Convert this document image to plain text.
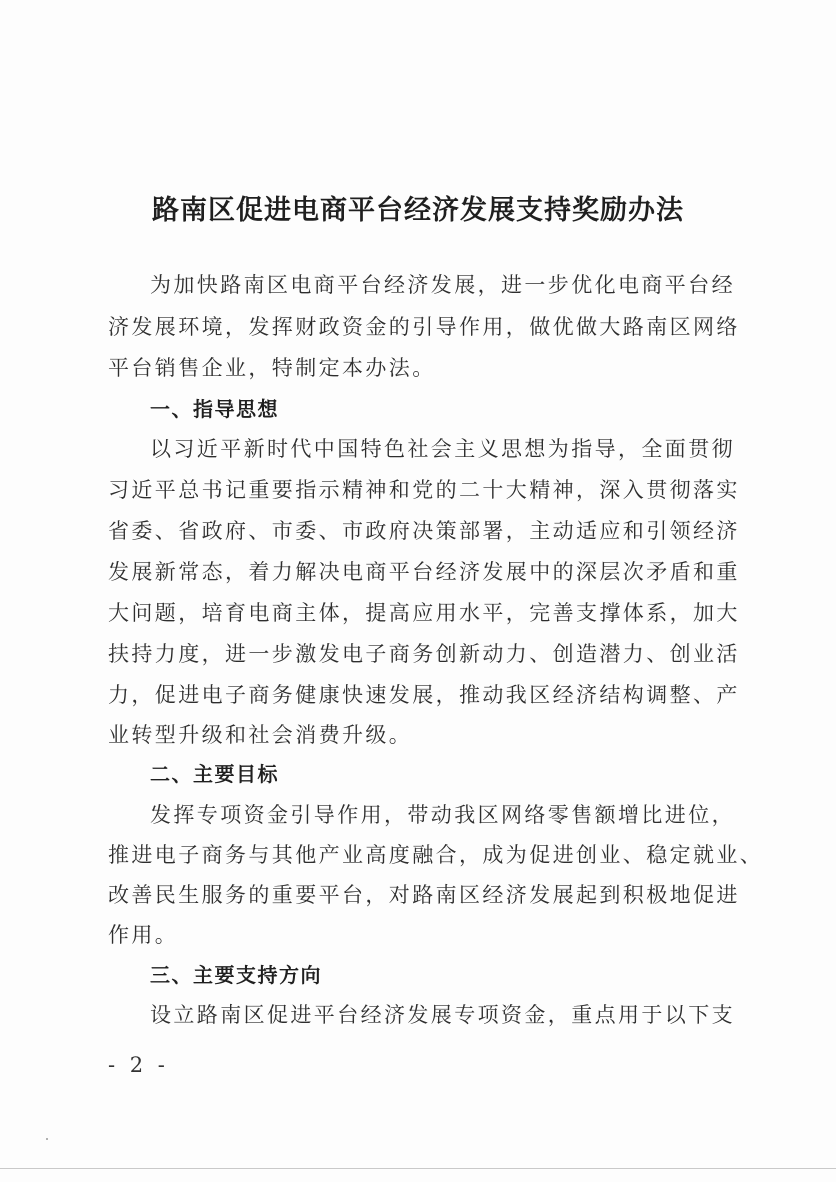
路南区促进电商平台经济发展支持奖励办法
为加快路南区电商平台经济发展，进一步优化电商平台经
济发展环境，发挥财政资金的引导作用，做优做大路南区网络
平台销售企业，特制定本办法。
一、指导思想
以习近平新时代中国特色社会主义思想为指导，全面贯彻
习近平总书记重要指示精神和党的二十大精神，深入贯彻落实
省委、省政府、市委、市政府决策部署，主动适应和引领经济
发展新常态，着力解决电商平台经济发展中的深层次矛盾和重
大问题，培育电商主体，提高应用水平，完善支撑体系，加大
扶持力度，进一步激发电子商务创新动力、创造潜力、创业活
力，促进电子商务健康快速发展，推动我区经济结构调整、产
业转型升级和社会消费升级。
二、主要目标
发挥专项资金引导作用，带动我区网络零售额增比进位，
推进电子商务与其他产业高度融合，成为促进创业、稳定就业、
改善民生服务的重要平台，对路南区经济发展起到积极地促进
作用。
三、主要支持方向
设立路南区促进平台经济发展专项资金，重点用于以下支
- 2 -
